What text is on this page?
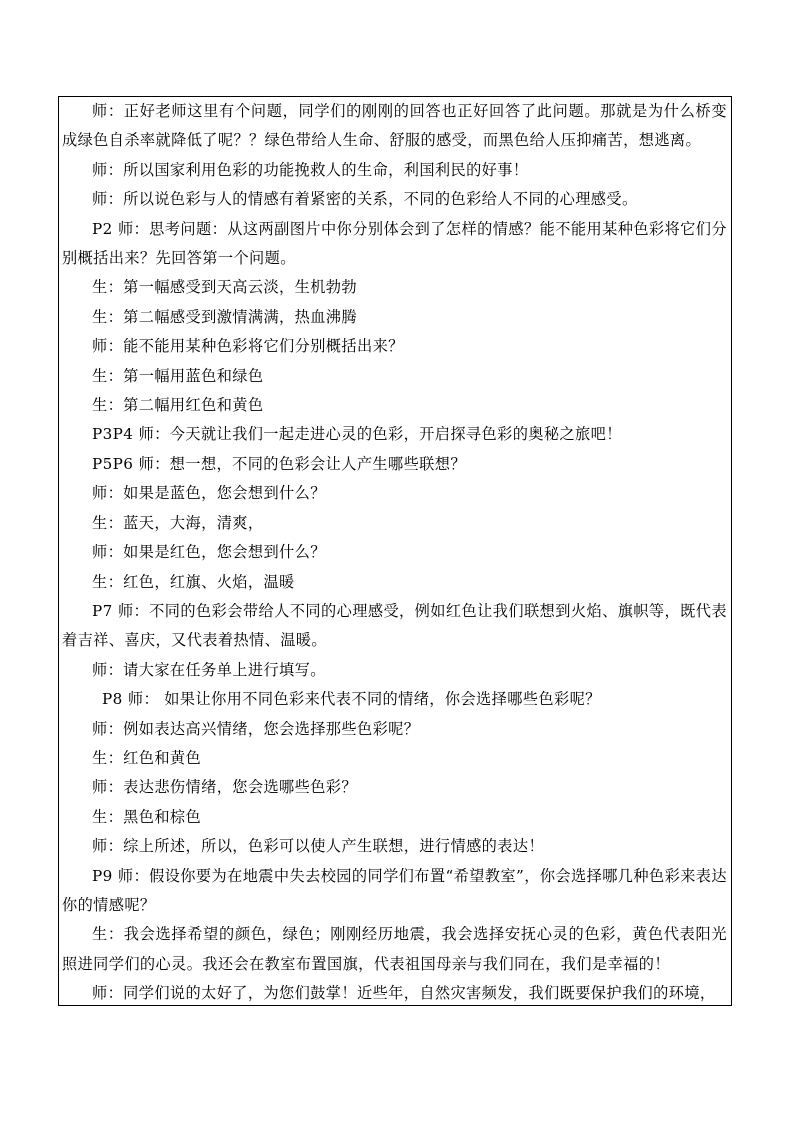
师：正好老师这里有个问题，同学们的刚刚的回答也正好回答了此问题。那就是为什么桥变成绿色自杀率就降低了呢？？绿色带给人生命、舒服的感受，而黑色给人压抑痛苦，想逃离。

师：所以国家利用色彩的功能挽救人的生命，利国利民的好事！

师：所以说色彩与人的情感有着紧密的关系，不同的色彩给人不同的心理感受。

P2 师：思考问题：从这两副图片中你分别体会到了怎样的情感？能不能用某种色彩将它们分别概括出来？先回答第一个问题。

生：第一幅感受到天高云淡，生机勃勃

生：第二幅感受到激情满满，热血沸腾

师：能不能用某种色彩将它们分别概括出来？

生：第一幅用蓝色和绿色

生：第二幅用红色和黄色

P3P4 师：今天就让我们一起走进心灵的色彩，开启探寻色彩的奥秘之旅吧！

P5P6 师：想一想，不同的色彩会让人产生哪些联想？

师：如果是蓝色，您会想到什么？

生：蓝天，大海，清爽，

师：如果是红色，您会想到什么？

生：红色，红旗、火焰，温暖

P7 师：不同的色彩会带给人不同的心理感受，例如红色让我们联想到火焰、旗帜等，既代表着吉祥、喜庆，又代表着热情、温暖。

师：请大家在任务单上进行填写。

P8 师： 如果让你用不同色彩来代表不同的情绪，你会选择哪些色彩呢？

师：例如表达高兴情绪，您会选择那些色彩呢？

生：红色和黄色

师：表达悲伤情绪，您会选哪些色彩？

生：黑色和棕色

师：综上所述，所以，色彩可以使人产生联想，进行情感的表达！

P9 师：假设你要为在地震中失去校园的同学们布置“希望教室”，你会选择哪几种色彩来表达你的情感呢？

生：我会选择希望的颜色，绿色；刚刚经历地震，我会选择安抚心灵的色彩，黄色代表阳光照进同学们的心灵。我还会在教室布置国旗，代表祖国母亲与我们同在，我们是幸福的！

师：同学们说的太好了，为您们鼓掌！近些年，自然灾害频发，我们既要保护我们的环境，
